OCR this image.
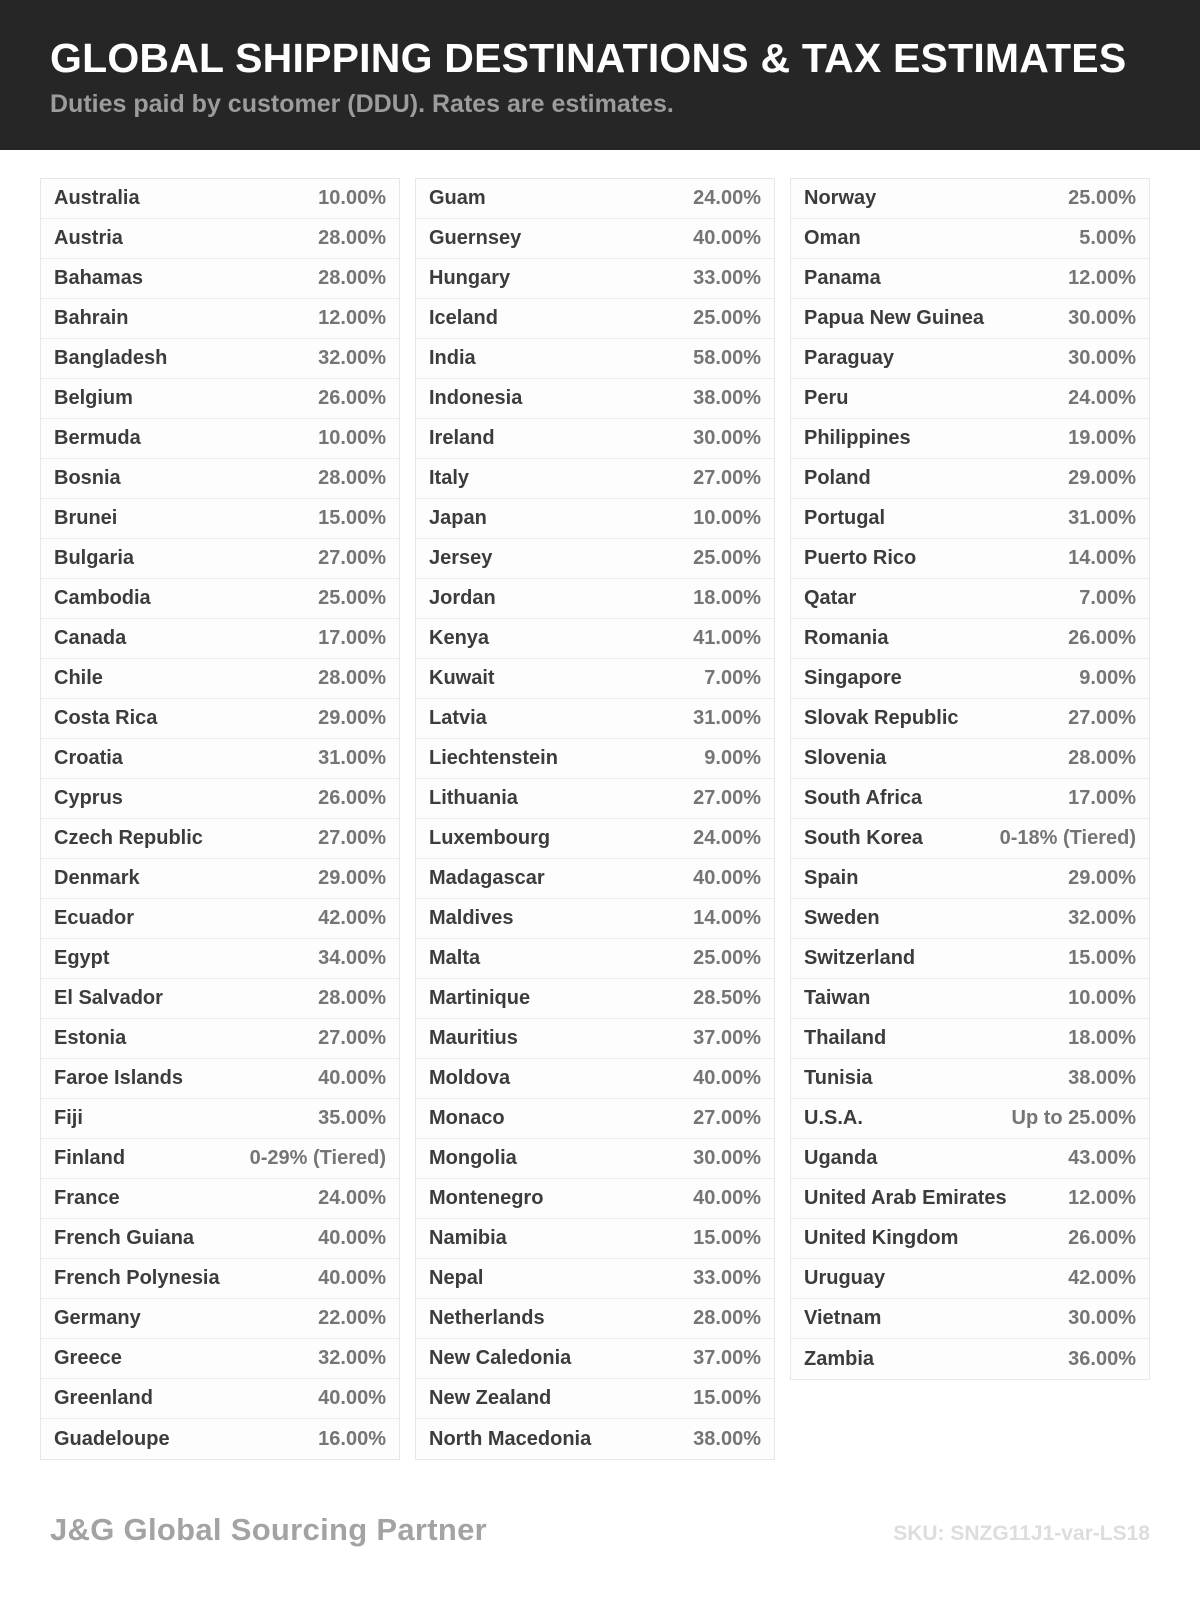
GLOBAL SHIPPING DESTINATIONS & TAX ESTIMATES
Duties paid by customer (DDU). Rates are estimates.
Australia	10.00%
Austria	28.00%
Bahamas	28.00%
Bahrain	12.00%
Bangladesh	32.00%
Belgium	26.00%
Bermuda	10.00%
Bosnia	28.00%
Brunei	15.00%
Bulgaria	27.00%
Cambodia	25.00%
Canada	17.00%
Chile	28.00%
Costa Rica	29.00%
Croatia	31.00%
Cyprus	26.00%
Czech Republic	27.00%
Denmark	29.00%
Ecuador	42.00%
Egypt	34.00%
El Salvador	28.00%
Estonia	27.00%
Faroe Islands	40.00%
Fiji	35.00%
Finland	0-29% (Tiered)
France	24.00%
French Guiana	40.00%
French Polynesia	40.00%
Germany	22.00%
Greece	32.00%
Greenland	40.00%
Guadeloupe	16.00%
Guam	24.00%
Guernsey	40.00%
Hungary	33.00%
Iceland	25.00%
India	58.00%
Indonesia	38.00%
Ireland	30.00%
Italy	27.00%
Japan	10.00%
Jersey	25.00%
Jordan	18.00%
Kenya	41.00%
Kuwait	7.00%
Latvia	31.00%
Liechtenstein	9.00%
Lithuania	27.00%
Luxembourg	24.00%
Madagascar	40.00%
Maldives	14.00%
Malta	25.00%
Martinique	28.50%
Mauritius	37.00%
Moldova	40.00%
Monaco	27.00%
Mongolia	30.00%
Montenegro	40.00%
Namibia	15.00%
Nepal	33.00%
Netherlands	28.00%
New Caledonia	37.00%
New Zealand	15.00%
North Macedonia	38.00%
Norway	25.00%
Oman	5.00%
Panama	12.00%
Papua New Guinea	30.00%
Paraguay	30.00%
Peru	24.00%
Philippines	19.00%
Poland	29.00%
Portugal	31.00%
Puerto Rico	14.00%
Qatar	7.00%
Romania	26.00%
Singapore	9.00%
Slovak Republic	27.00%
Slovenia	28.00%
South Africa	17.00%
South Korea	0-18% (Tiered)
Spain	29.00%
Sweden	32.00%
Switzerland	15.00%
Taiwan	10.00%
Thailand	18.00%
Tunisia	38.00%
U.S.A.	Up to 25.00%
Uganda	43.00%
United Arab Emirates	12.00%
United Kingdom	26.00%
Uruguay	42.00%
Vietnam	30.00%
Zambia	36.00%
J&G Global Sourcing Partner	SKU: SNZG11J1-var-LS18
